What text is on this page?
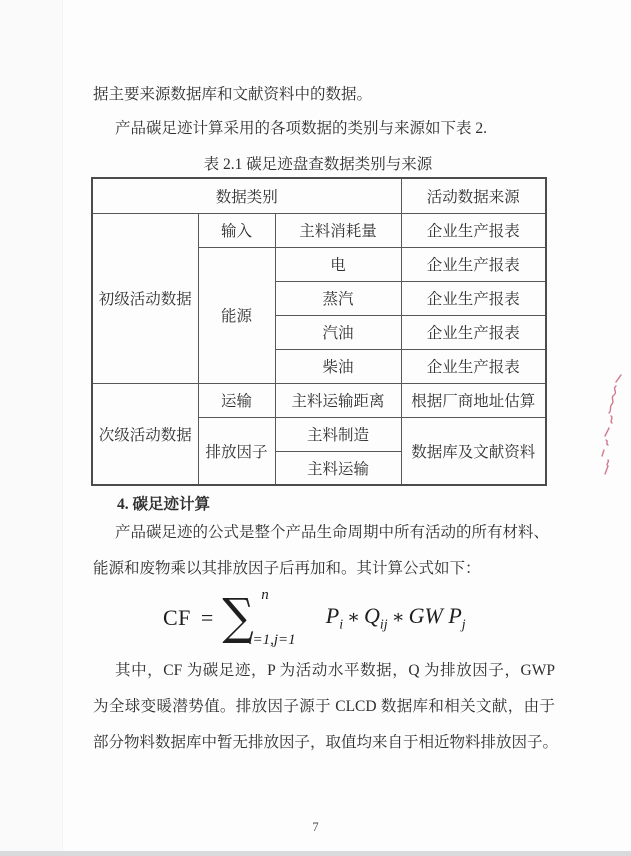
据主要来源数据库和文献资料中的数据。
产品碳足迹计算采用的各项数据的类别与来源如下表 2.
表 2.1 碳足迹盘查数据类别与来源
数据类别			活动数据来源
初级活动数据	输入	主料消耗量	企业生产报表
	能源	电	企业生产报表
		蒸汽	企业生产报表
		汽油	企业生产报表
		柴油	企业生产报表
次级活动数据	运输	主料运输距离	根据厂商地址估算
	排放因子	主料制造	数据库及文献资料
		主料运输	
4. 碳足迹计算
产品碳足迹的公式是整个产品生命周期中所有活动的所有材料、
能源和废物乘以其排放因子后再加和。其计算公式如下：
CF = ∑ n
i=1,j=1
$P_i$ ∗ $Q_{ij}$ ∗ GW $P_j$
其中，CF 为碳足迹，P 为活动水平数据，Q 为排放因子，GWP
为全球变暖潜势值。排放因子源于 CLCD 数据库和相关文献，由于
部分物料数据库中暂无排放因子，取值均来自于相近物料排放因子。
7
